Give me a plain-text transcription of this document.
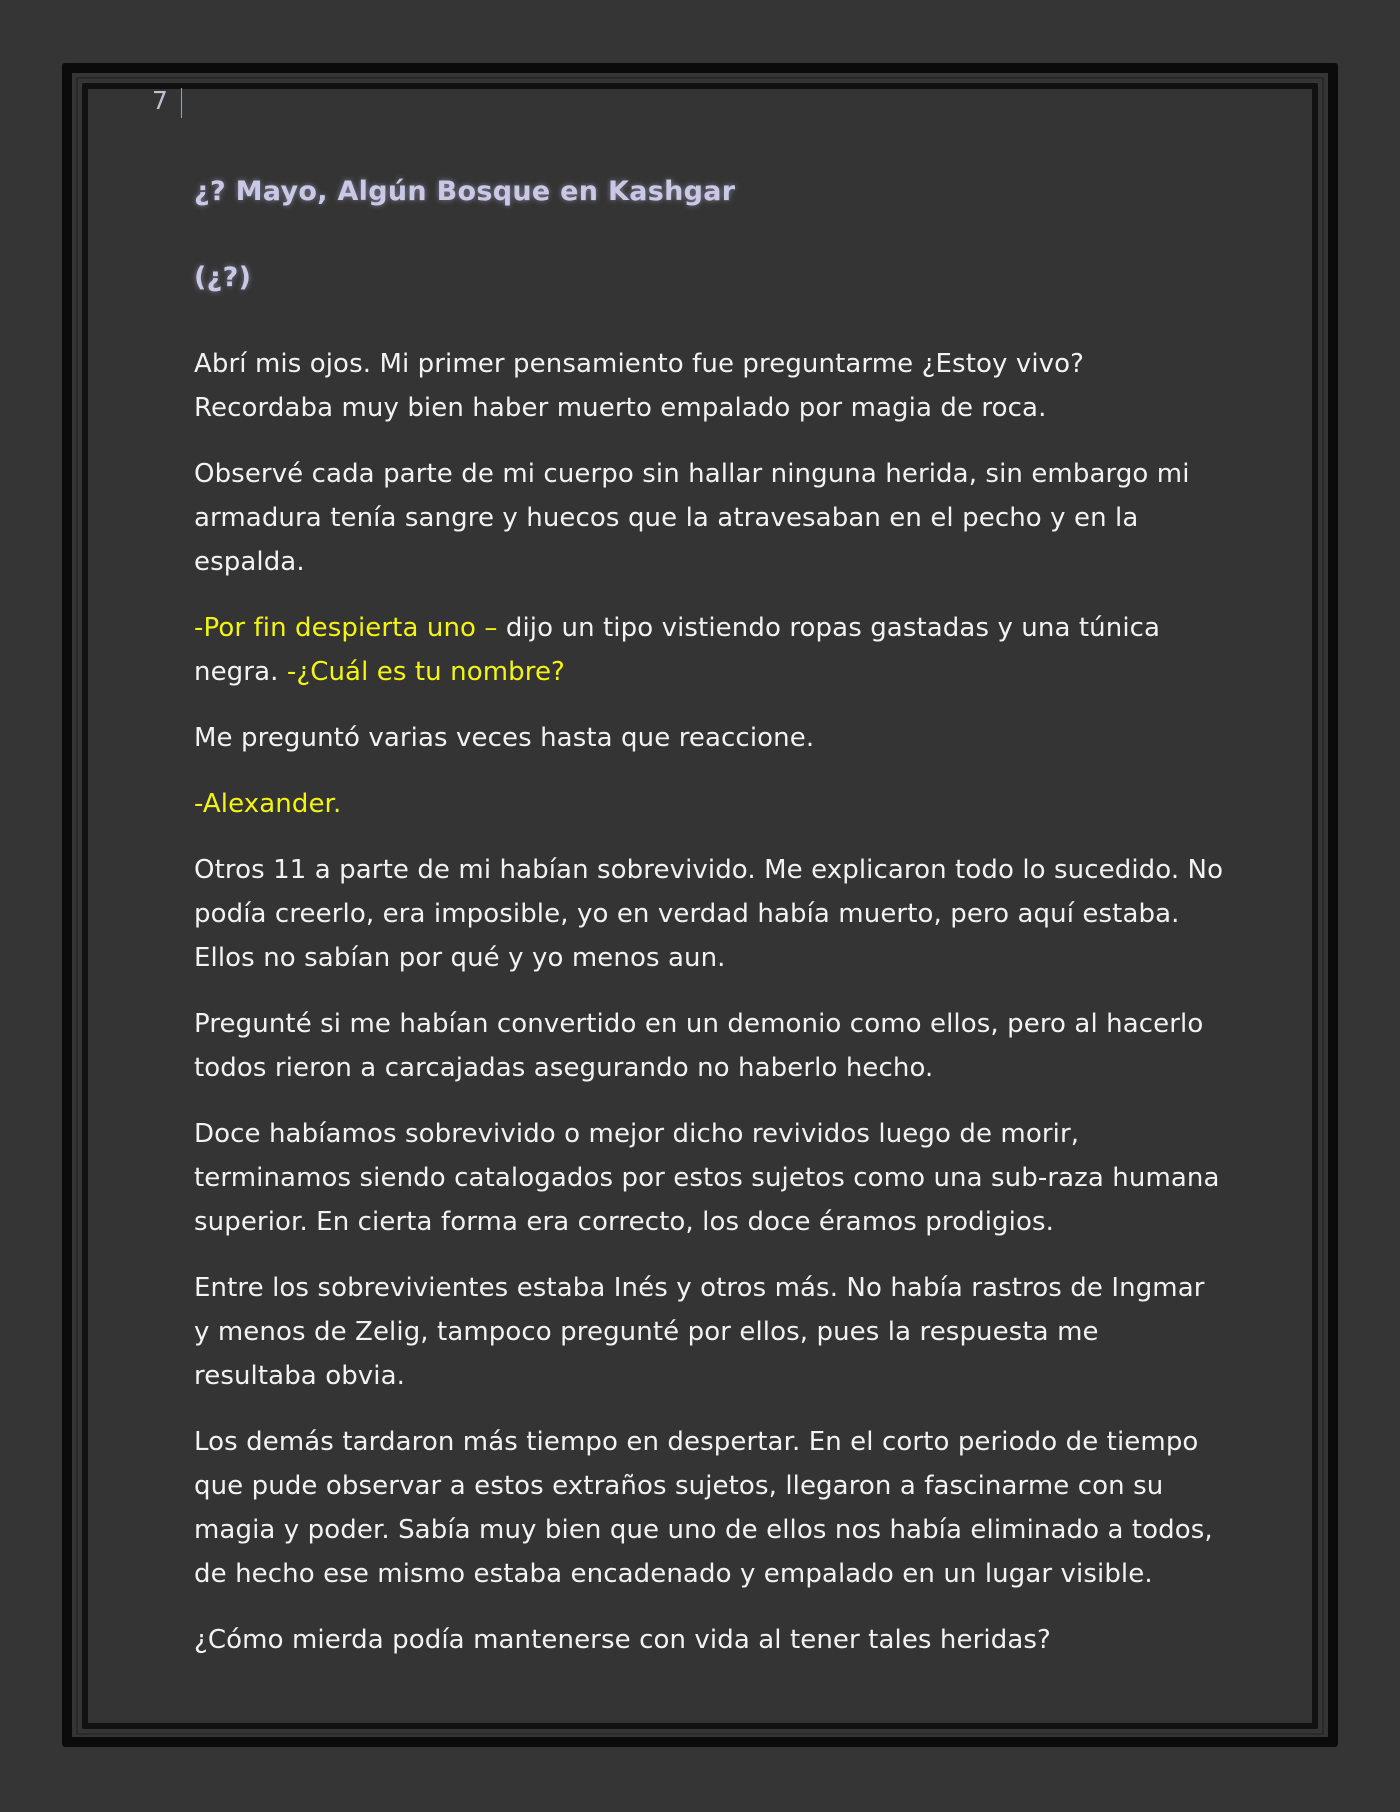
7

¿? Mayo, Algún Bosque en Kashgar

(¿?)

Abrí mis ojos. Mi primer pensamiento fue preguntarme ¿Estoy vivo? Recordaba muy bien haber muerto empalado por magia de roca.

Observé cada parte de mi cuerpo sin hallar ninguna herida, sin embargo mi armadura tenía sangre y huecos que la atravesaban en el pecho y en la espalda.

-Por fin despierta uno – dijo un tipo vistiendo ropas gastadas y una túnica negra. -¿Cuál es tu nombre?

Me preguntó varias veces hasta que reaccione.

-Alexander.

Otros 11 a parte de mi habían sobrevivido. Me explicaron todo lo sucedido. No podía creerlo, era imposible, yo en verdad había muerto, pero aquí estaba. Ellos no sabían por qué y yo menos aun.

Pregunté si me habían convertido en un demonio como ellos, pero al hacerlo todos rieron a carcajadas asegurando no haberlo hecho.

Doce habíamos sobrevivido o mejor dicho revividos luego de morir, terminamos siendo catalogados por estos sujetos como una sub-raza humana superior. En cierta forma era correcto, los doce éramos prodigios.

Entre los sobrevivientes estaba Inés y otros más. No había rastros de Ingmar y menos de Zelig, tampoco pregunté por ellos, pues la respuesta me resultaba obvia.

Los demás tardaron más tiempo en despertar. En el corto periodo de tiempo que pude observar a estos extraños sujetos, llegaron a fascinarme con su magia y poder. Sabía muy bien que uno de ellos nos había eliminado a todos, de hecho ese mismo estaba encadenado y empalado en un lugar visible.

¿Cómo mierda podía mantenerse con vida al tener tales heridas?
